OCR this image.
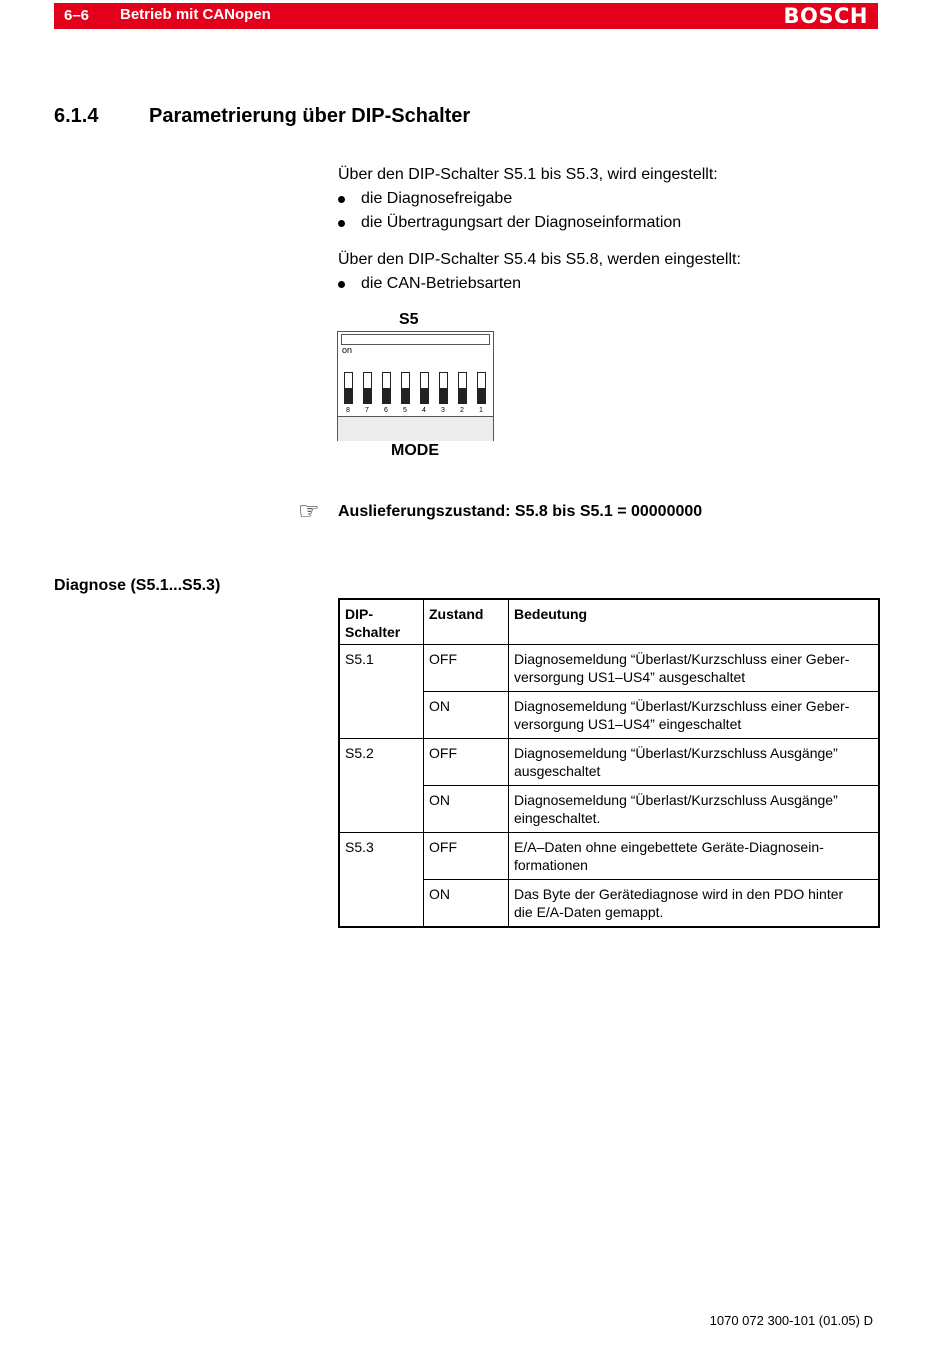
6–6 Betrieb mit CANopen	BOSCH
6.1.4	Parametrierung über DIP-Schalter
Über den DIP-Schalter S5.1 bis S5.3, wird eingestellt:
die Diagnosefreigabe
die Übertragungsart der Diagnoseinformation
Über den DIP-Schalter S5.4 bis S5.8, werden eingestellt:
die CAN-Betriebsarten
S5
on
8	7	6	5	4	3	2	1
MODE
☞ Auslieferungszustand: S5.8 bis S5.1 = 00000000
Diagnose (S5.1...S5.3)
DIP-
Schalter	Zustand	Bedeutung
S5.1	OFF	Diagnosemeldung “Überlast/Kurzschluss einer Geber-
versorgung US1–US4” ausgeschaltet
	ON	Diagnosemeldung “Überlast/Kurzschluss einer Geber-
versorgung US1–US4” eingeschaltet
S5.2	OFF	Diagnosemeldung “Überlast/Kurzschluss Ausgänge”
ausgeschaltet
	ON	Diagnosemeldung “Überlast/Kurzschluss Ausgänge”
eingeschaltet.
S5.3	OFF	E/A–Daten ohne eingebettete Geräte-Diagnosein-
formationen
	ON	Das Byte der Gerätediagnose wird in den PDO hinter
die E/A-Daten gemappt.
1070 072 300-101 (01.05) D
